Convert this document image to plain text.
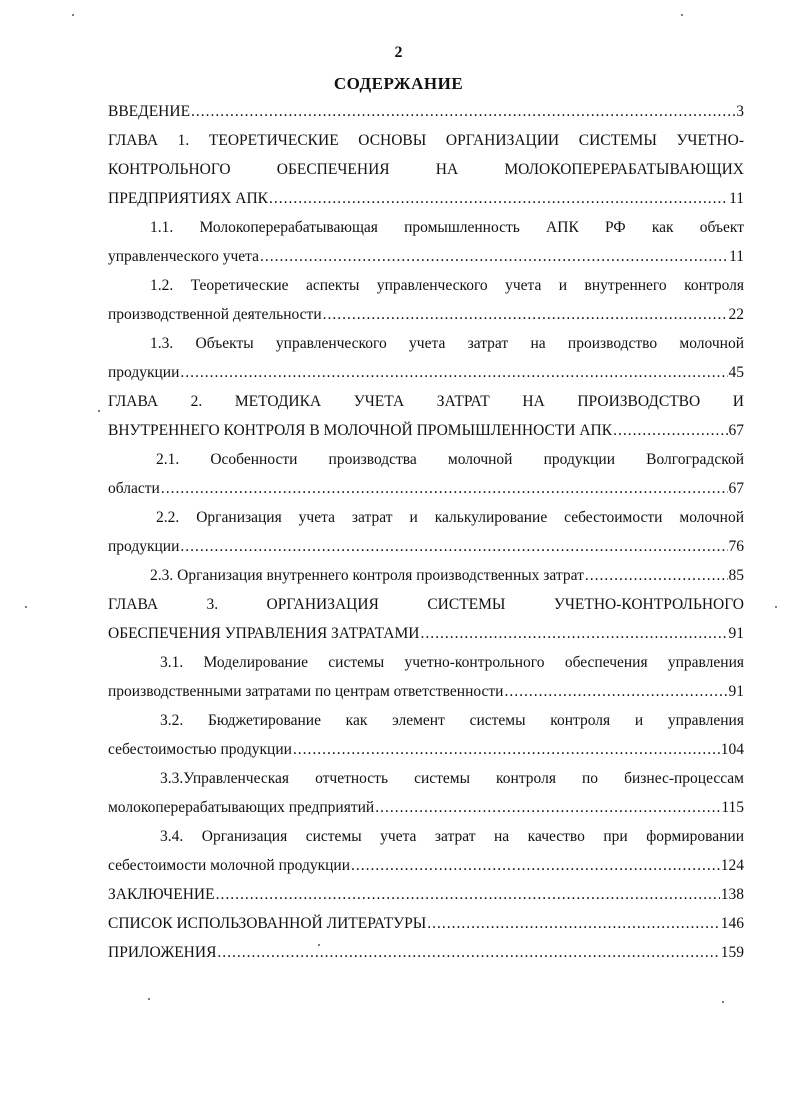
2
СОДЕРЖАНИЕ
ВВЕДЕНИЕ .....	3
ГЛАВА 1. ТЕОРЕТИЧЕСКИЕ ОСНОВЫ ОРГАНИЗАЦИИ СИСТЕМЫ УЧЕТНО-
КОНТРОЛЬНОГО ОБЕСПЕЧЕНИЯ НА МОЛОКОПЕРЕРАБАТЫВАЮЩИХ
ПРЕДПРИЯТИЯХ АПК .....	11
1.1. Молокоперерабатывающая промышленность АПК РФ как объект
управленческого учета .....	11
1.2. Теоретические аспекты управленческого учета и внутреннего контроля
производственной деятельности .....	22
1.3. Объекты управленческого учета затрат на производство молочной
продукции .....	45
ГЛАВА 2. МЕТОДИКА УЧЕТА ЗАТРАТ НА ПРОИЗВОДСТВО И
ВНУТРЕННЕГО КОНТРОЛЯ В МОЛОЧНОЙ ПРОМЫШЛЕННОСТИ АПК .....	67
2.1. Особенности производства молочной продукции Волгоградской
области .....	67
2.2. Организация учета затрат и калькулирование себестоимости молочной
продукции .....	76
2.3. Организация внутреннего контроля производственных затрат .....	85
ГЛАВА 3. ОРГАНИЗАЦИЯ СИСТЕМЫ УЧЕТНО-КОНТРОЛЬНОГО
ОБЕСПЕЧЕНИЯ УПРАВЛЕНИЯ ЗАТРАТАМИ .....	91
3.1. Моделирование системы учетно-контрольного обеспечения управления
производственными затратами по центрам ответственности .....	91
3.2. Бюджетирование как элемент системы контроля и управления
себестоимостью продукции .....	104
3.3.Управленческая отчетность системы контроля по бизнес-процессам
молокоперерабатывающих предприятий .....	115
3.4. Организация системы учета затрат на качество при формировании
себестоимости молочной продукции .....	124
ЗАКЛЮЧЕНИЕ .....	138
СПИСОК ИСПОЛЬЗОВАННОЙ ЛИТЕРАТУРЫ .....	146
ПРИЛОЖЕНИЯ .....	159
